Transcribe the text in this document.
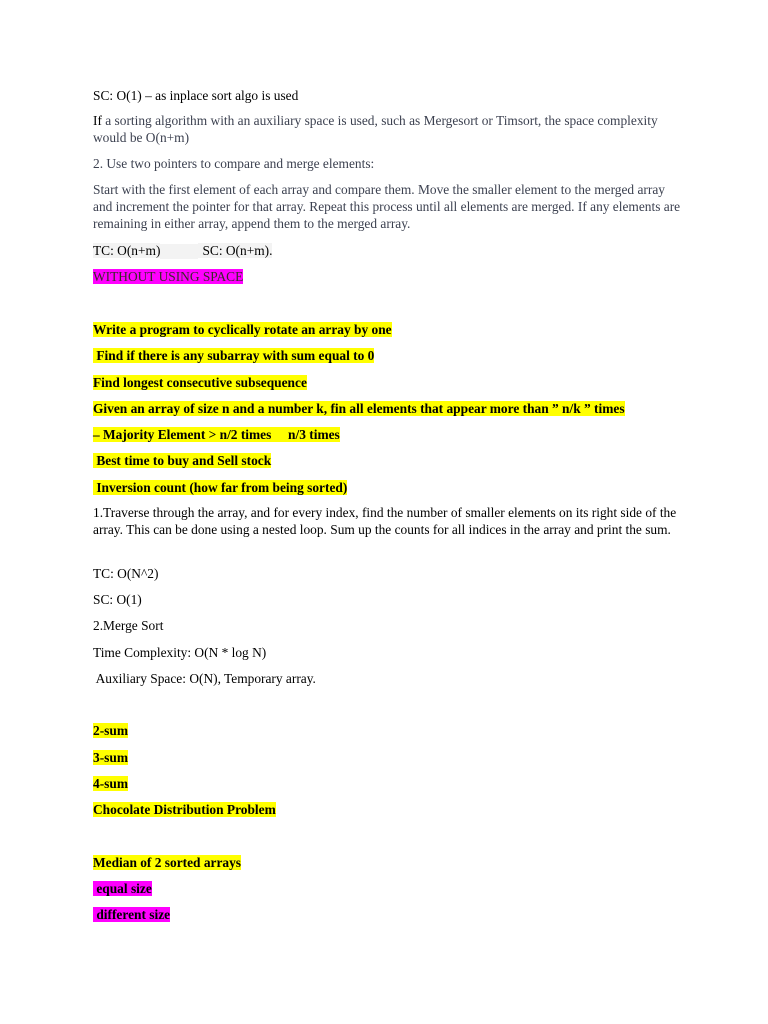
SC: O(1) – as inplace sort algo is used
If a sorting algorithm with an auxiliary space is used, such as Mergesort or Timsort, the space complexity would be O(n+m)
2. Use two pointers to compare and merge elements:
Start with the first element of each array and compare them. Move the smaller element to the merged array and increment the pointer for that array. Repeat this process until all elements are merged. If any elements are remaining in either array, append them to the merged array.
TC: O(n+m)	SC: O(n+m).
WITHOUT USING SPACE
Write a program to cyclically rotate an array by one
Find if there is any subarray with sum equal to 0
Find longest consecutive subsequence
Given an array of size n and a number k, fin all elements that appear more than ” n/k ” times
– Majority Element > n/2 times     n/3 times
Best time to buy and Sell stock
Inversion count (how far from being sorted)
1.Traverse through the array, and for every index, find the number of smaller elements on its right side of the array. This can be done using a nested loop. Sum up the counts for all indices in the array and print the sum.
TC: O(N^2)
SC: O(1)
2.Merge Sort
Time Complexity: O(N * log N)
Auxiliary Space: O(N), Temporary array.
2-sum
3-sum
4-sum
Chocolate Distribution Problem
Median of 2 sorted arrays
equal size
different size
